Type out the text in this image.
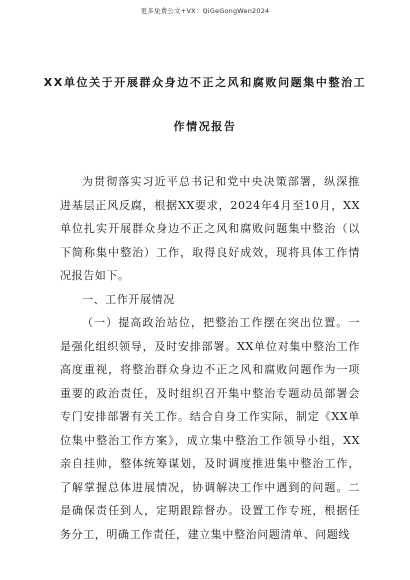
更多免费公文+VX：QiGeGongWen2024
XX单位关于开展群众身边不正之风和腐败问题集中整治工
作情况报告

为贯彻落实习近平总书记和党中央决策部署，纵深推进基层正风反腐，根据XX要求，2024年4月至10月，XX单位扎实开展群众身边不正之风和腐败问题集中整治（以下简称集中整治）工作，取得良好成效，现将具体工作情况报告如下。

一、工作开展情况

（一）提高政治站位，把整治工作摆在突出位置。一是强化组织领导，及时安排部署。XX单位对集中整治工作高度重视，将整治群众身边不正之风和腐败问题作为一项重要的政治责任，及时组织召开集中整治专题动员部署会专门安排部署有关工作。结合自身工作实际，制定《XX单位集中整治工作方案》，成立集中整治工作领导小组，XX亲自挂帅，整体统筹谋划，及时调度推进集中整治工作，了解掌握总体进展情况，协调解决工作中遇到的问题。二是确保责任到人，定期跟踪督办。设置工作专班，根据任务分工，明确工作责任，建立集中整治问题清单、问题线
